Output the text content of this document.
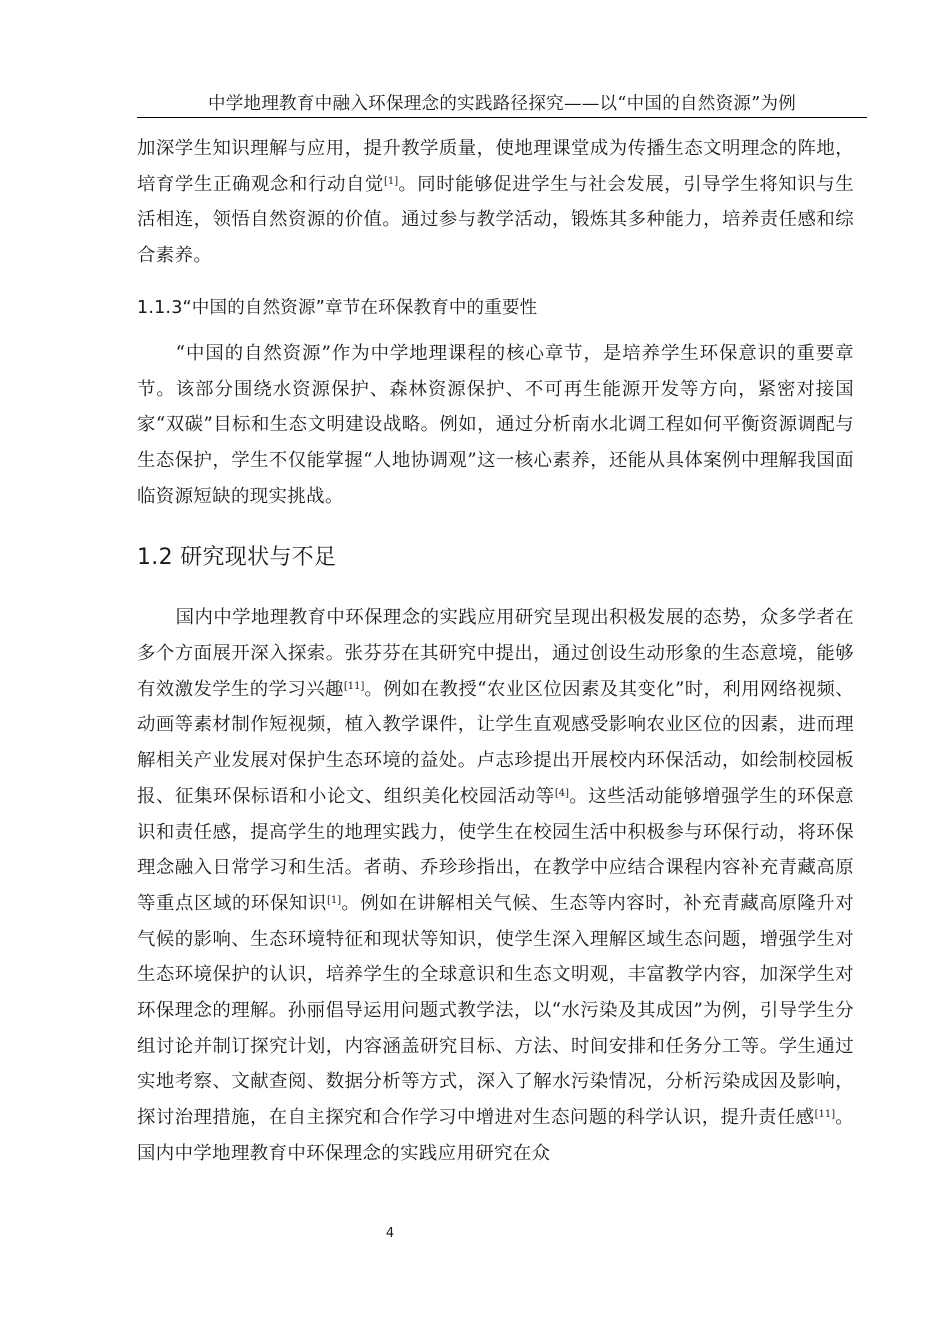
中学地理教育中融入环保理念的实践路径探究——以“中国的自然资源”为例

加深学生知识理解与应用，提升教学质量，使地理课堂成为传播生态文明理念的阵地，培育学生正确观念和行动自觉[1]。同时能够促进学生与社会发展，引导学生将知识与生活相连，领悟自然资源的价值。通过参与教学活动，锻炼其多种能力，培养责任感和综合素养。

1.1.3“中国的自然资源”章节在环保教育中的重要性

“中国的自然资源”作为中学地理课程的核心章节，是培养学生环保意识的重要章节。该部分围绕水资源保护、森林资源保护、不可再生能源开发等方向，紧密对接国家“双碳”目标和生态文明建设战略。例如，通过分析南水北调工程如何平衡资源调配与生态保护，学生不仅能掌握“人地协调观”这一核心素养，还能从具体案例中理解我国面临资源短缺的现实挑战。

1.2 研究现状与不足

国内中学地理教育中环保理念的实践应用研究呈现出积极发展的态势，众多学者在多个方面展开深入探索。张芬芬在其研究中提出，通过创设生动形象的生态意境，能够有效激发学生的学习兴趣[11]。例如在教授“农业区位因素及其变化”时，利用网络视频、动画等素材制作短视频，植入教学课件，让学生直观感受影响农业区位的因素，进而理解相关产业发展对保护生态环境的益处。卢志珍提出开展校内环保活动，如绘制校园板报、征集环保标语和小论文、组织美化校园活动等[4]。这些活动能够增强学生的环保意识和责任感，提高学生的地理实践力，使学生在校园生活中积极参与环保行动，将环保理念融入日常学习和生活。者萌、乔珍珍指出，在教学中应结合课程内容补充青藏高原等重点区域的环保知识[1]。例如在讲解相关气候、生态等内容时，补充青藏高原隆升对气候的影响、生态环境特征和现状等知识，使学生深入理解区域生态问题，增强学生对生态环境保护的认识，培养学生的全球意识和生态文明观，丰富教学内容，加深学生对环保理念的理解。孙丽倡导运用问题式教学法，以“水污染及其成因”为例，引导学生分组讨论并制订探究计划，内容涵盖研究目标、方法、时间安排和任务分工等。学生通过实地考察、文献查阅、数据分析等方式，深入了解水污染情况，分析污染成因及影响，探讨治理措施，在自主探究和合作学习中增进对生态问题的科学认识，提升责任感[11]。国内中学地理教育中环保理念的实践应用研究在众

4
